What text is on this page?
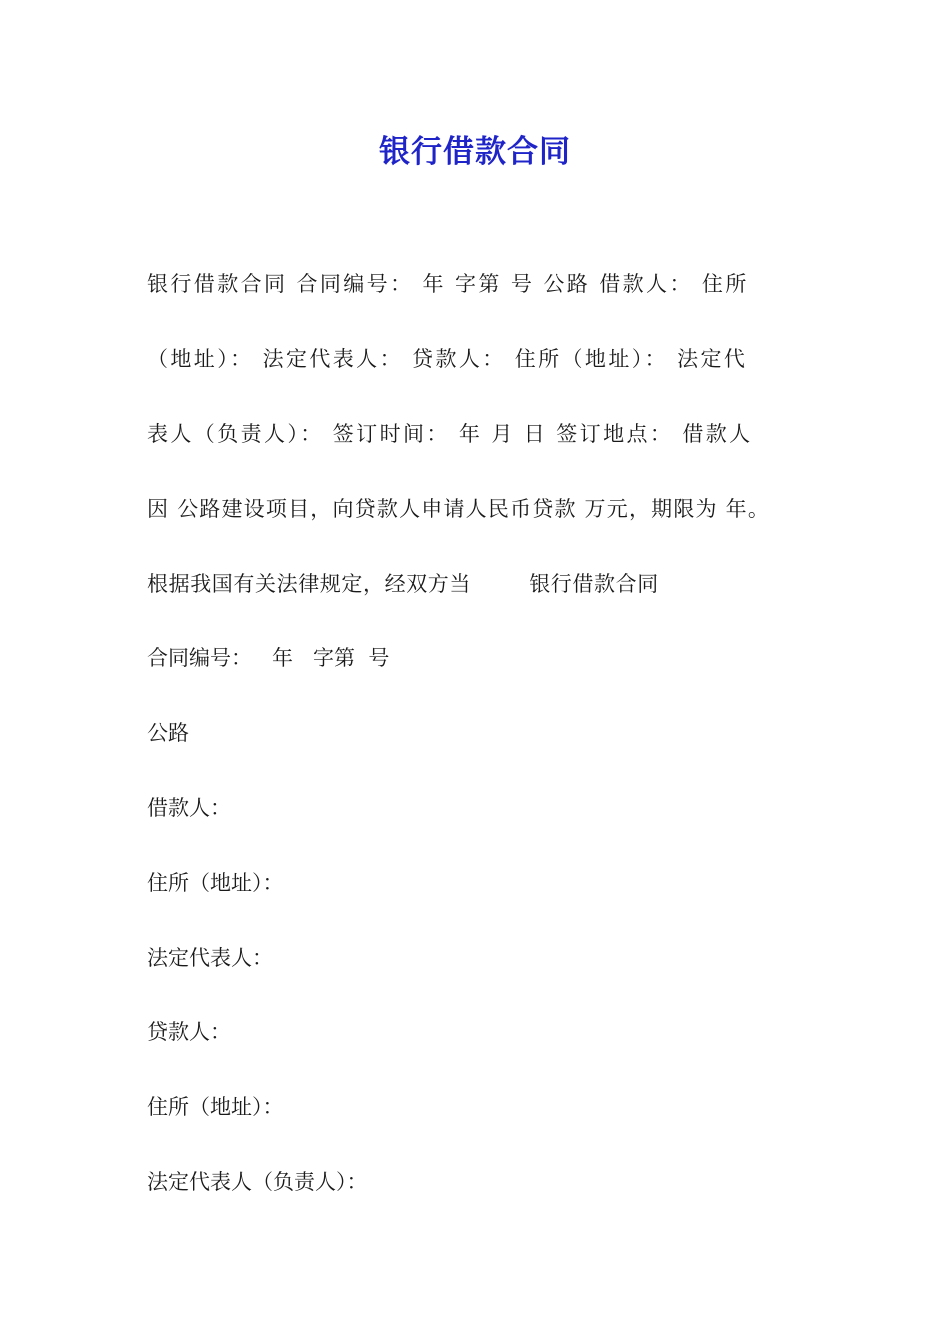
银行借款合同
银行借款合同 合同编号： 年 字第 号 公路 借款人： 住所
（地址）： 法定代表人： 贷款人： 住所（地址）： 法定代
表人（负责人）： 签订时间： 年 月 日 签订地点： 借款人
因 公路建设项目，向贷款人申请人民币贷款 万元，期限为 年。
根据我国有关法律规定，经双方当        银行借款合同
合同编号：   年   字第  号
公路
借款人：
住所（地址）：
法定代表人：
贷款人：
住所（地址）：
法定代表人（负责人）：
